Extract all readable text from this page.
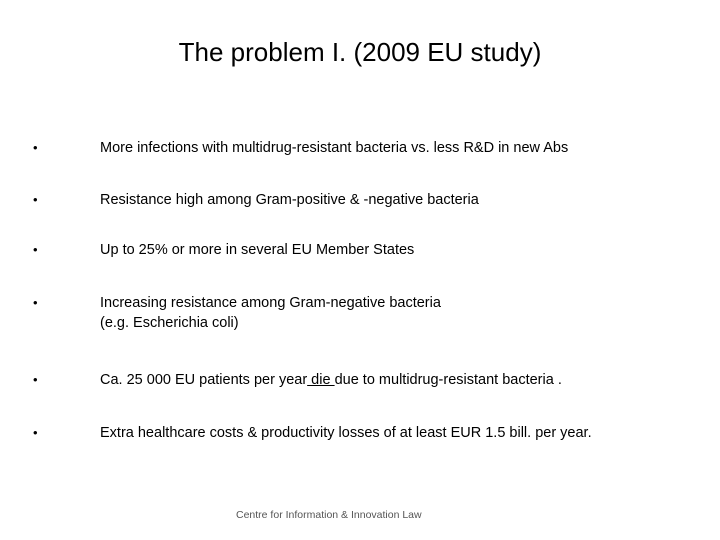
The problem I. (2009 EU study)
•	More infections with multidrug-resistant bacteria vs. less R&D in new Abs
•	Resistance high among Gram-positive & -negative bacteria
•	Up to 25% or more in several EU Member States
•	Increasing resistance among Gram-negative bacteria
(e.g. Escherichia coli)
•	Ca. 25 000 EU patients per year die due to multidrug-resistant bacteria .
•	Extra healthcare costs & productivity losses of at least EUR 1.5 bill. per year.
Centre for Information & Innovation Law
